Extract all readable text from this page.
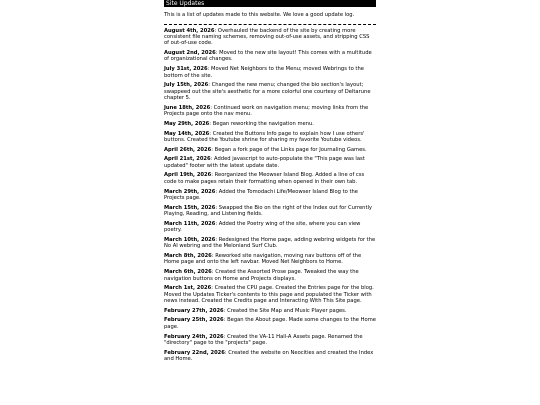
Site Updates
This is a list of updates made to this website. We love a good update log.

August 4th, 2026: Overhauled the backend of the site by creating more consistent file naming schemes, removing out-of-use assets, and stripping CSS of out-of-use code.

August 2nd, 2026: Moved to the new site layout! This comes with a multitude of organizational changes.

July 31st, 2026: Moved Net Neighbors to the Menu; moved Webrings to the bottom of the site.

July 15th, 2026: Changed the new menu; changed the bio section's layout; swappeed out the site's aesthetic for a more colorful one courtesy of Deltarune chapter 5.

June 18th, 2026: Continued work on navigation menu; moving links from the Projects page onto the nav menu.

May 29th, 2026: Began reworking the navigation menu.

May 14th, 2026: Created the Buttons Info page to explain how I use others' buttons. Created the Youtube shrine for sharing my favorite Youtube videos.

April 26th, 2026: Began a fork page of the Links page for Journaling Games.

April 21st, 2026: Added javascript to auto-populate the "This page was last updated" footer with the latest update date.

April 19th, 2026: Reorganized the Meowser Island Blog. Added a line of css code to make pages retain their formatting when opened in their own tab.

March 29th, 2026: Added the Tomodachi Life/Meowser Island Blog to the Projects page.

March 15th, 2026: Swapped the Bio on the right of the Index out for Currently Playing, Reading, and Listening fields.

March 11th, 2026: Added the Poetry wing of the site, where you can view poetry.

March 10th, 2026: Redesigned the Home page, adding webring widgets for the No AI webring and the Meloniand Surf Club.

March 8th, 2026: Reworked site navigation, moving nav buttons off of the Home page and onto the left navbar. Moved Net Neighbors to Home.

March 6th, 2026: Created the Assorted Prose page. Tweaked the way the navigation buttons on Home and Projects displays.

March 1st, 2026: Created the CPU page. Created the Entries page for the blog. Moved the Updates Ticker's contents to this page and populated the Ticker with news instead. Created the Credits page and Interacting With This Site page.

February 27th, 2026: Created the Site Map and Music Player pages.

February 25th, 2026: Began the About page. Made some changes to the Home page.

February 24th, 2026: Created the VA-11 Hall-A Assets page. Renamed the "directory" page to the "projects" page.

February 22nd, 2026: Created the website on Neocities and created the Index and Home.
